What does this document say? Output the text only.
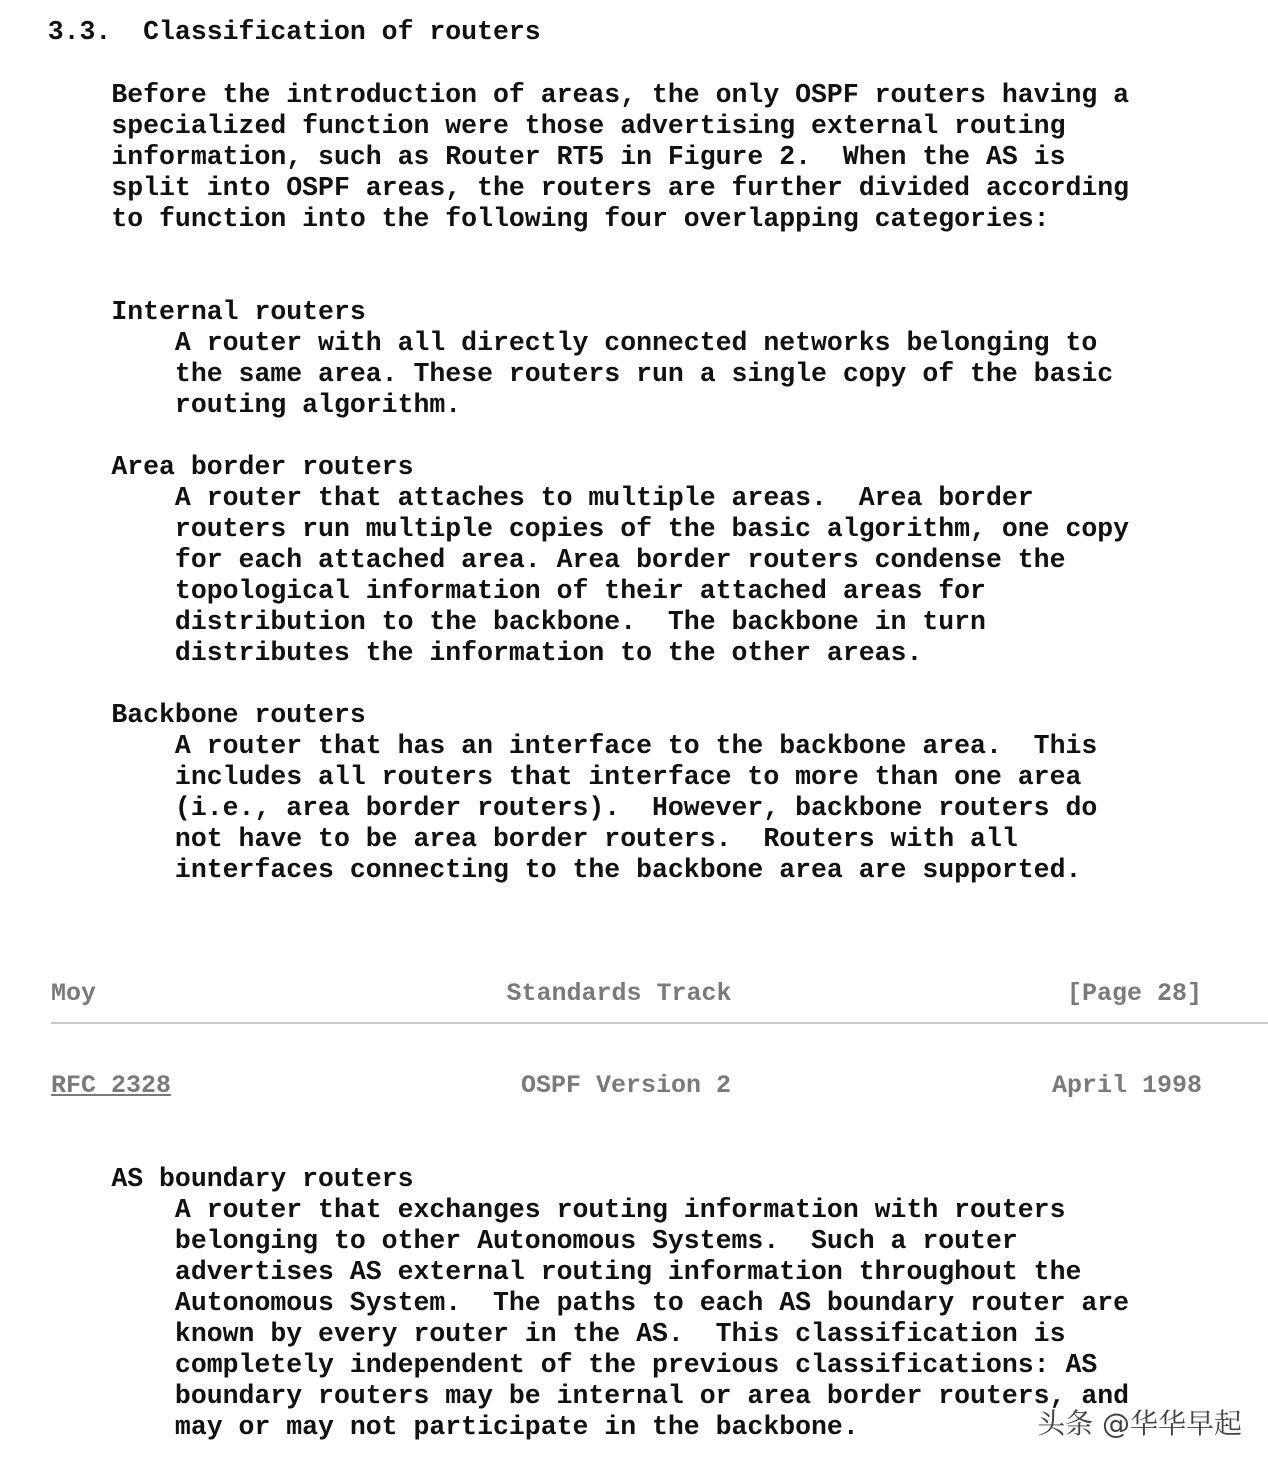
3.3.  Classification of routers
Before the introduction of areas, the only OSPF routers having a
specialized function were those advertising external routing
information, such as Router RT5 in Figure 2.  When the AS is
split into OSPF areas, the routers are further divided according
to function into the following four overlapping categories:
Internal routers
A router with all directly connected networks belonging to
the same area. These routers run a single copy of the basic
routing algorithm.
Area border routers
A router that attaches to multiple areas.  Area border
routers run multiple copies of the basic algorithm, one copy
for each attached area. Area border routers condense the
topological information of their attached areas for
distribution to the backbone.  The backbone in turn
distributes the information to the other areas.
Backbone routers
A router that has an interface to the backbone area.  This
includes all routers that interface to more than one area
(i.e., area border routers).  However, backbone routers do
not have to be area border routers.  Routers with all
interfaces connecting to the backbone area are supported.
Moy	Standards Track	[Page 28]
RFC 2328	OSPF Version 2	April 1998
AS boundary routers
A router that exchanges routing information with routers
belonging to other Autonomous Systems.  Such a router
advertises AS external routing information throughout the
Autonomous System.  The paths to each AS boundary router are
known by every router in the AS.  This classification is
completely independent of the previous classifications: AS
boundary routers may be internal or area border routers, and
may or may not participate in the backbone.	头条 @华华早起
